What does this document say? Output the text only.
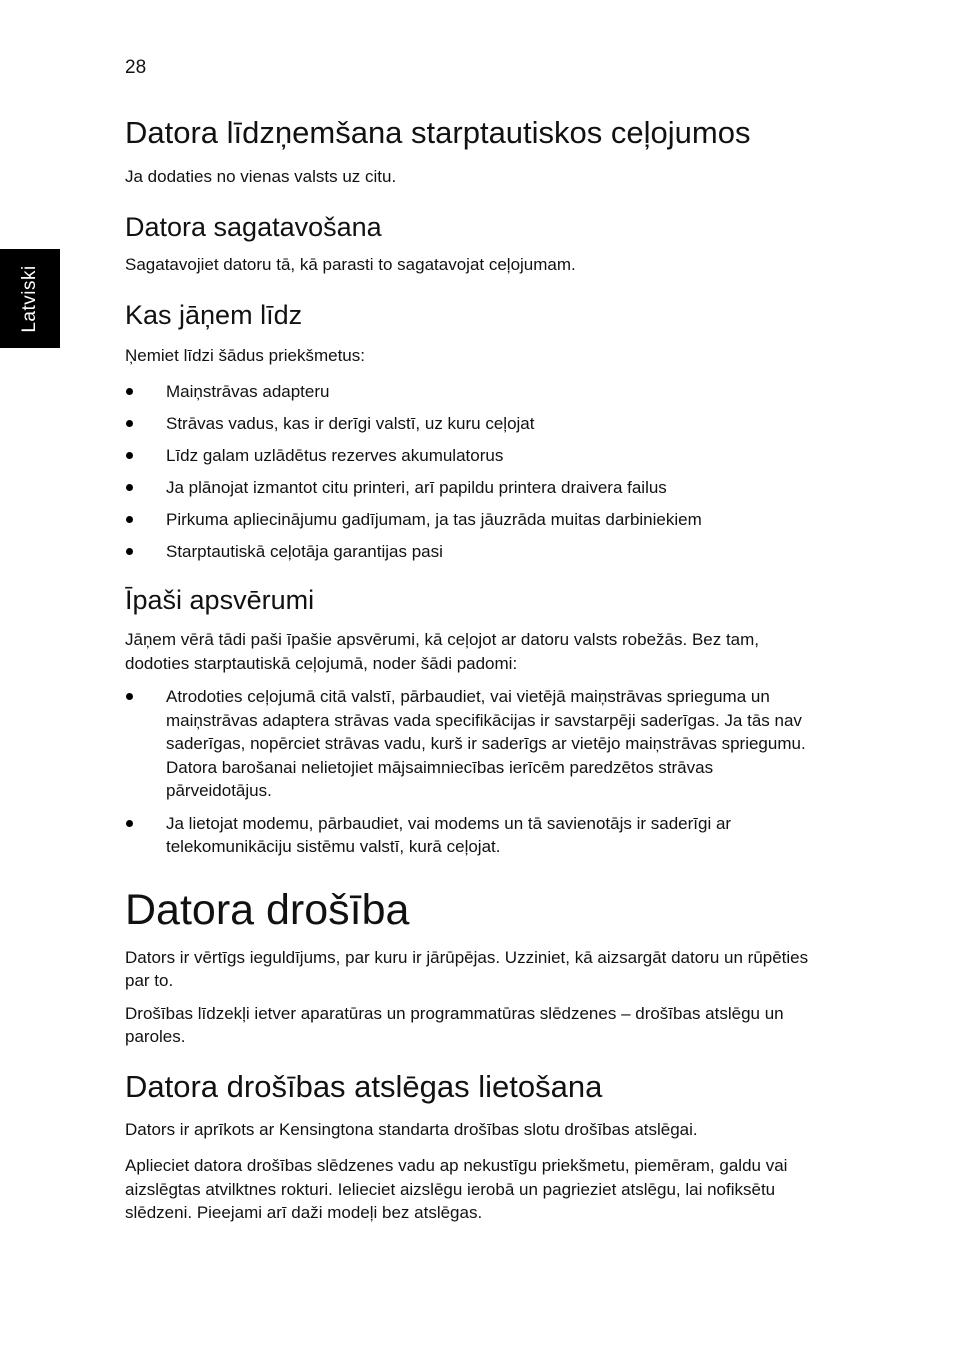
28
Latviski
Datora līdzņemšana starptautiskos ceļojumos

Ja dodaties no vienas valsts uz citu.

Datora sagatavošana

Sagatavojiet datoru tā, kā parasti to sagatavojat ceļojumam.

Kas jāņem līdz

Ņemiet līdzi šādus priekšmetus:

Maiņstrāvas adapteru
Strāvas vadus, kas ir derīgi valstī, uz kuru ceļojat
Līdz galam uzlādētus rezerves akumulatorus
Ja plānojat izmantot citu printeri, arī papildu printera draivera failus
Pirkuma apliecinājumu gadījumam, ja tas jāuzrāda muitas darbiniekiem
Starptautiskā ceļotāja garantijas pasi
Īpaši apsvērumi

Jāņem vērā tādi paši īpašie apsvērumi, kā ceļojot ar datoru valsts robežās. Bez tam, dodoties starptautiskā ceļojumā, noder šādi padomi:

Atrodoties ceļojumā citā valstī, pārbaudiet, vai vietējā maiņstrāvas sprieguma un maiņstrāvas adaptera strāvas vada specifikācijas ir savstarpēji saderīgas. Ja tās nav saderīgas, nopērciet strāvas vadu, kurš ir saderīgs ar vietējo maiņstrāvas spriegumu. Datora barošanai nelietojiet mājsaimniecības ierīcēm paredzētos strāvas pārveidotājus.
Ja lietojat modemu, pārbaudiet, vai modems un tā savienotājs ir saderīgi ar telekomunikāciju sistēmu valstī, kurā ceļojat.
Datora drošība

Dators ir vērtīgs ieguldījums, par kuru ir jārūpējas. Uzziniet, kā aizsargāt datoru un rūpēties par to.

Drošības līdzekļi ietver aparatūras un programmatūras slēdzenes – drošības atslēgu un paroles.

Datora drošības atslēgas lietošana

Dators ir aprīkots ar Kensingtona standarta drošības slotu drošības atslēgai.

Aplieciet datora drošības slēdzenes vadu ap nekustīgu priekšmetu, piemēram, galdu vai aizslēgtas atvilktnes rokturi. Ielieciet aizslēgu ierobā un pagrieziet atslēgu, lai nofiksētu slēdzeni. Pieejami arī daži modeļi bez atslēgas.
